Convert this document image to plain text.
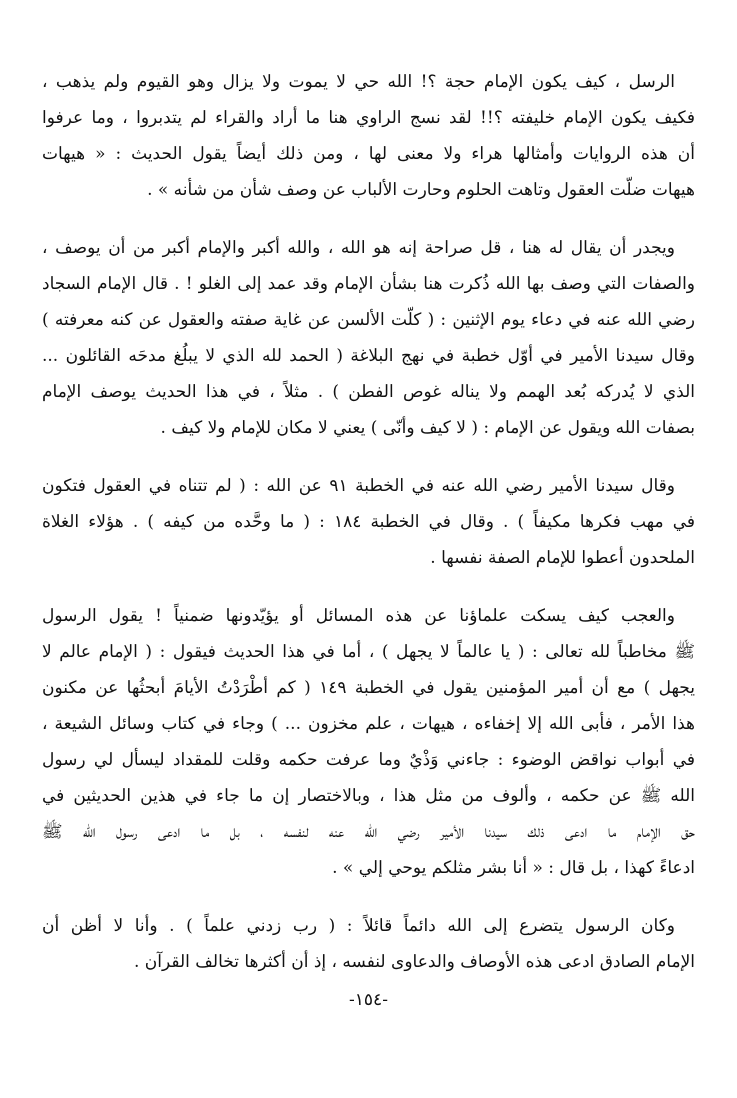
الرسل ، كيف يكون الإمام حجة ؟! الله حي لا يموت ولا يزال وهو القيوم ولم يذهب ،
فكيف يكون الإمام خليفته ؟!! لقد نسج الراوي هنا ما أراد والقراء لم يتدبروا ، وما عرفوا
أن هذه الروايات وأمثالها هراء ولا معنى لها ، ومن ذلك أيضاً يقول الحديث : « هيهات
هيهات ضلّت العقول وتاهت الحلوم وحارت الألباب عن وصف شأن من شأنه » .
ويجدر أن يقال له هنا ، قل صراحة إنه هو الله ، والله أكبر والإمام أكبر من أن يوصف ،
والصفات التي وصف بها الله ذُكرت هنا بشأن الإمام وقد عمد إلى الغلو ! . قال الإمام السجاد
رضي الله عنه في دعاء يوم الإثنين : ( كلّت الألسن عن غاية صفته والعقول عن كنه معرفته )
وقال سيدنا الأمير في أوّل خطبة في نهج البلاغة ( الحمد لله الذي لا يبلُغ مدحَه القائلون ...
الذي لا يُدركه بُعد الهمم ولا يناله غوص الفطن ) . مثلاً ، في هذا الحديث يوصف الإمام
بصفات الله ويقول عن الإمام : ( لا كيف وأنّى ) يعني لا مكان للإمام ولا كيف .
وقال سيدنا الأمير رضي الله عنه في الخطبة ٩١ عن الله : ( لم تتناه في العقول فتكون
في مهب فكرها مكيفاً ) . وقال في الخطبة ١٨٤ : ( ما وحَّده من كيفه ) . هؤلاء الغلاة
الملحدون أعطوا للإمام الصفة نفسها .
والعجب كيف يسكت علماؤنا عن هذه المسائل أو يؤيّدونها ضمنياً ! يقول الرسول
ﷺ مخاطباً لله تعالى : ( يا عالماً لا يجهل ) ، أما في هذا الحديث فيقول : ( الإمام عالم لا
يجهل ) مع أن أمير المؤمنين يقول في الخطبة ١٤٩ ( كم أطْرَدْتُ الأيامَ أبحثُها عن مكنون
هذا الأمر ، فأبى الله إلا إخفاءه ، هيهات ، علم مخزون ... ) وجاء في كتاب وسائل الشيعة ،
في أبواب نواقض الوضوء : جاءني وَذْيٌ وما عرفت حكمه وقلت للمقداد ليسأل لي رسول
الله ﷺ عن حكمه ، وألوف من مثل هذا ، وبالاختصار إن ما جاء في هذين الحديثين في
حق الإمام ما ادعى ذلك سيدنا الأمير رضي الله عنه لنفسه ، بل ما ادعى رسول الله ﷺ
ادعاءً كهذا ، بل قال : « أنا بشر مثلكم يوحي إلي » .
وكان الرسول يتضرع إلى الله دائماً قائلاً : ( رب زدني علماً ) . وأنا لا أظن أن
الإمام الصادق ادعى هذه الأوصاف والدعاوى لنفسه ، إذ أن أكثرها تخالف القرآن .
-١٥٤-
